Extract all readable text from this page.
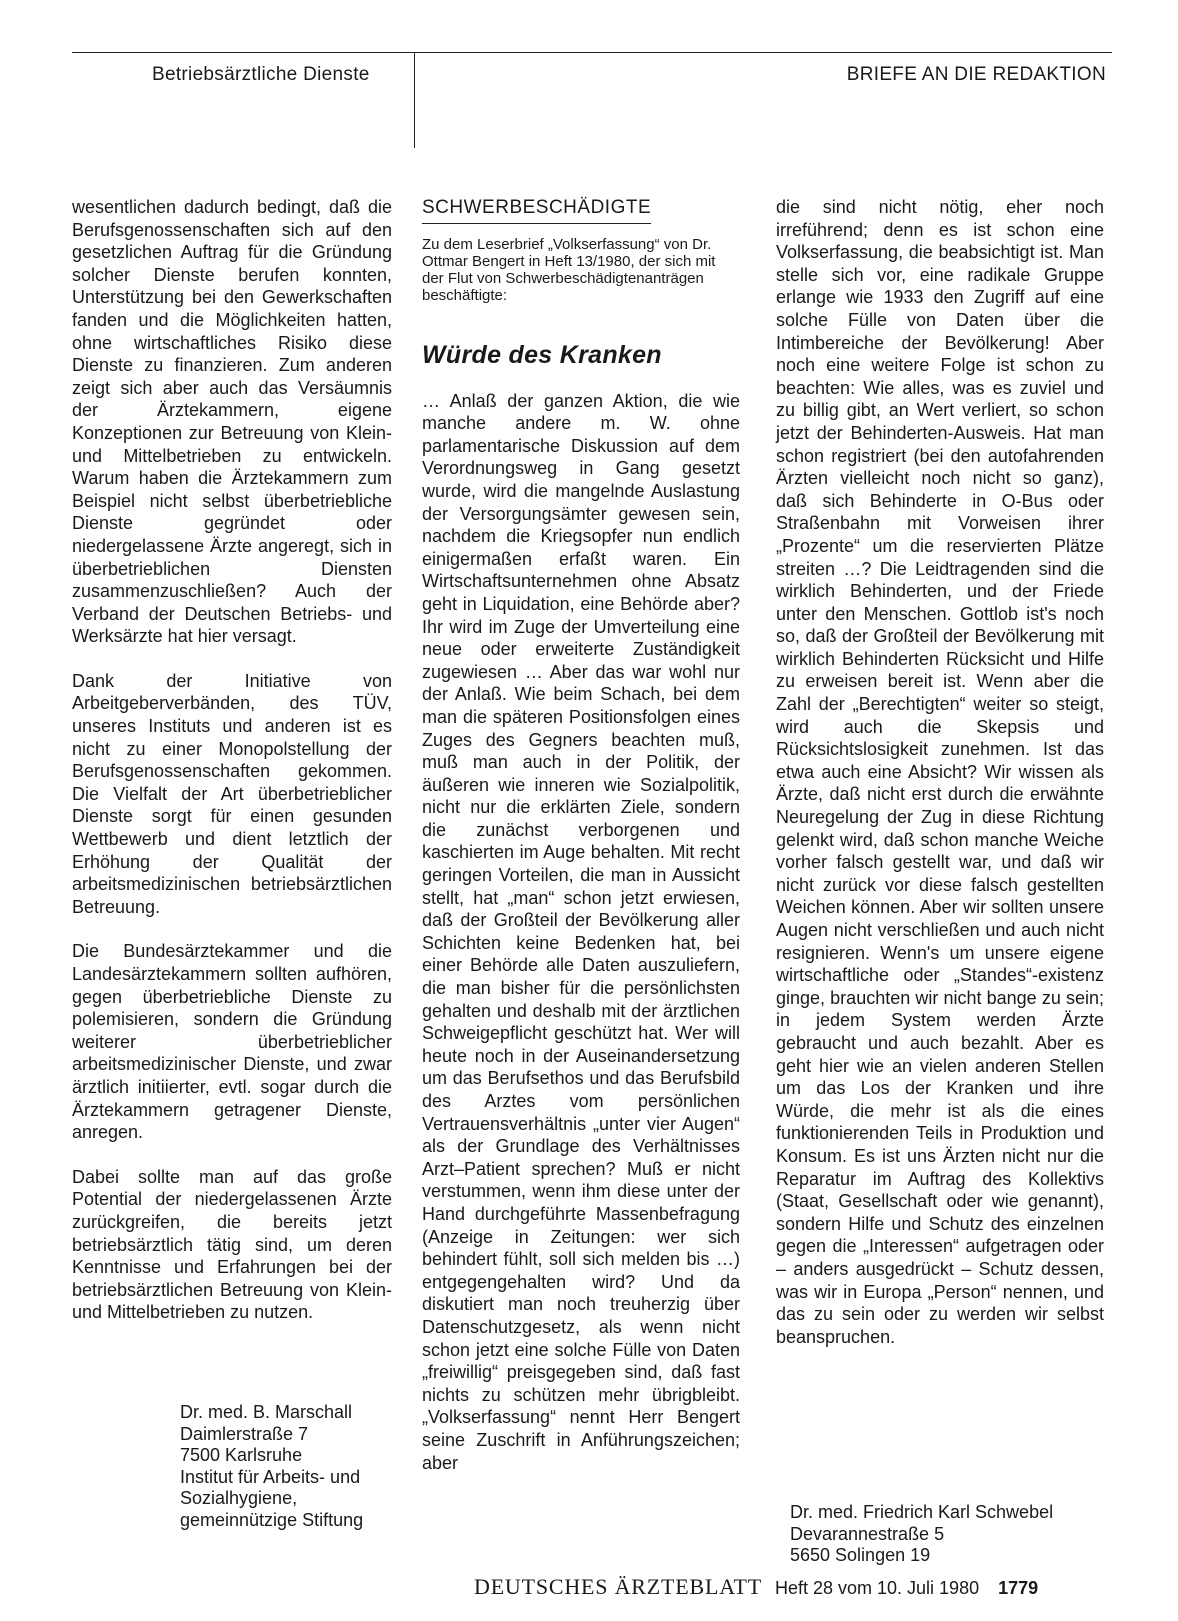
Betriebsärztliche Dienste	BRIEFE AN DIE REDAKTION

wesentlichen dadurch bedingt, daß die Berufsgenossenschaften sich auf den gesetzlichen Auftrag für die Gründung solcher Dienste berufen konnten, Unterstützung bei den Gewerkschaften fanden und die Möglichkeiten hatten, ohne wirtschaftliches Risiko diese Dienste zu finanzieren. Zum anderen zeigt sich aber auch das Versäumnis der Ärztekammern, eigene Konzeptionen zur Betreuung von Klein- und Mittelbetrieben zu entwickeln. Warum haben die Ärztekammern zum Beispiel nicht selbst überbetriebliche Dienste gegründet oder niedergelassene Ärzte angeregt, sich in überbetrieblichen Diensten zusammenzuschließen? Auch der Verband der Deutschen Betriebs- und Werksärzte hat hier versagt.

Dank der Initiative von Arbeitgeberverbänden, des TÜV, unseres Instituts und anderen ist es nicht zu einer Monopolstellung der Berufsgenossenschaften gekommen. Die Vielfalt der Art überbetrieblicher Dienste sorgt für einen gesunden Wettbewerb und dient letztlich der Erhöhung der Qualität der arbeitsmedizinischen betriebsärztlichen Betreuung.

Die Bundesärztekammer und die Landesärztekammern sollten aufhören, gegen überbetriebliche Dienste zu polemisieren, sondern die Gründung weiterer überbetrieblicher arbeitsmedizinischer Dienste, und zwar ärztlich initiierter, evtl. sogar durch die Ärztekammern getragener Dienste, anregen.

Dabei sollte man auf das große Potential der niedergelassenen Ärzte zurückgreifen, die bereits jetzt betriebsärztlich tätig sind, um deren Kenntnisse und Erfahrungen bei der betriebsärztlichen Betreuung von Klein- und Mittelbetrieben zu nutzen.

Dr. med. B. Marschall
Daimlerstraße 7
7500 Karlsruhe
Institut für Arbeits- und
Sozialhygiene,
gemeinnützige Stiftung
SCHWERBESCHÄDIGTE

Zu dem Leserbrief „Volkserfassung“ von Dr. Ottmar Bengert in Heft 13/1980, der sich mit der Flut von Schwerbeschädigtenanträgen beschäftigte:

Würde des Kranken

… Anlaß der ganzen Aktion, die wie manche andere m. W. ohne parlamentarische Diskussion auf dem Verordnungsweg in Gang gesetzt wurde, wird die mangelnde Auslastung der Versorgungsämter gewesen sein, nachdem die Kriegsopfer nun endlich einigermaßen erfaßt waren. Ein Wirtschaftsunternehmen ohne Absatz geht in Liquidation, eine Behörde aber? Ihr wird im Zuge der Umverteilung eine neue oder erweiterte Zuständigkeit zugewiesen … Aber das war wohl nur der Anlaß. Wie beim Schach, bei dem man die späteren Positionsfolgen eines Zuges des Gegners beachten muß, muß man auch in der Politik, der äußeren wie inneren wie Sozialpolitik, nicht nur die erklärten Ziele, sondern die zunächst verborgenen und kaschierten im Auge behalten. Mit recht geringen Vorteilen, die man in Aussicht stellt, hat „man“ schon jetzt erwiesen, daß der Großteil der Bevölkerung aller Schichten keine Bedenken hat, bei einer Behörde alle Daten auszuliefern, die man bisher für die persönlichsten gehalten und deshalb mit der ärztlichen Schweigepflicht geschützt hat. Wer will heute noch in der Auseinandersetzung um das Berufsethos und das Berufsbild des Arztes vom persönlichen Vertrauensverhältnis „unter vier Augen“ als der Grundlage des Verhältnisses Arzt–Patient sprechen? Muß er nicht verstummen, wenn ihm diese unter der Hand durchgeführte Massenbefragung (Anzeige in Zeitungen: wer sich behindert fühlt, soll sich melden bis …) entgegengehalten wird? Und da diskutiert man noch treuherzig über Datenschutzgesetz, als wenn nicht schon jetzt eine solche Fülle von Daten „freiwillig“ preisgegeben sind, daß fast nichts zu schützen mehr übrigbleibt. „Volkserfassung“ nennt Herr Bengert seine Zuschrift in Anführungszeichen; aber

die sind nicht nötig, eher noch irreführend; denn es ist schon eine Volkserfassung, die beabsichtigt ist. Man stelle sich vor, eine radikale Gruppe erlange wie 1933 den Zugriff auf eine solche Fülle von Daten über die Intimbereiche der Bevölkerung! Aber noch eine weitere Folge ist schon zu beachten: Wie alles, was es zuviel und zu billig gibt, an Wert verliert, so schon jetzt der Behinderten-Ausweis. Hat man schon registriert (bei den autofahrenden Ärzten vielleicht noch nicht so ganz), daß sich Behinderte in O-Bus oder Straßenbahn mit Vorweisen ihrer „Prozente“ um die reservierten Plätze streiten …? Die Leidtragenden sind die wirklich Behinderten, und der Friede unter den Menschen. Gottlob ist's noch so, daß der Großteil der Bevölkerung mit wirklich Behinderten Rücksicht und Hilfe zu erweisen bereit ist. Wenn aber die Zahl der „Berechtigten“ weiter so steigt, wird auch die Skepsis und Rücksichtslosigkeit zunehmen. Ist das etwa auch eine Absicht? Wir wissen als Ärzte, daß nicht erst durch die erwähnte Neuregelung der Zug in diese Richtung gelenkt wird, daß schon manche Weiche vorher falsch gestellt war, und daß wir nicht zurück vor diese falsch gestellten Weichen können. Aber wir sollten unsere Augen nicht verschließen und auch nicht resignieren. Wenn's um unsere eigene wirtschaftliche oder „Standes“-existenz ginge, brauchten wir nicht bange zu sein; in jedem System werden Ärzte gebraucht und auch bezahlt. Aber es geht hier wie an vielen anderen Stellen um das Los der Kranken und ihre Würde, die mehr ist als die eines funktionierenden Teils in Produktion und Konsum. Es ist uns Ärzten nicht nur die Reparatur im Auftrag des Kollektivs (Staat, Gesellschaft oder wie genannt), sondern Hilfe und Schutz des einzelnen gegen die „Interessen“ aufgetragen oder – anders ausgedrückt – Schutz dessen, was wir in Europa „Person“ nennen, und das zu sein oder zu werden wir selbst beanspruchen.

Dr. med. Friedrich Karl Schwebel
Devarannestraße 5
5650 Solingen 19
DEUTSCHES ÄRZTEBLATT Heft 28 vom 10. Juli 1980 1779
